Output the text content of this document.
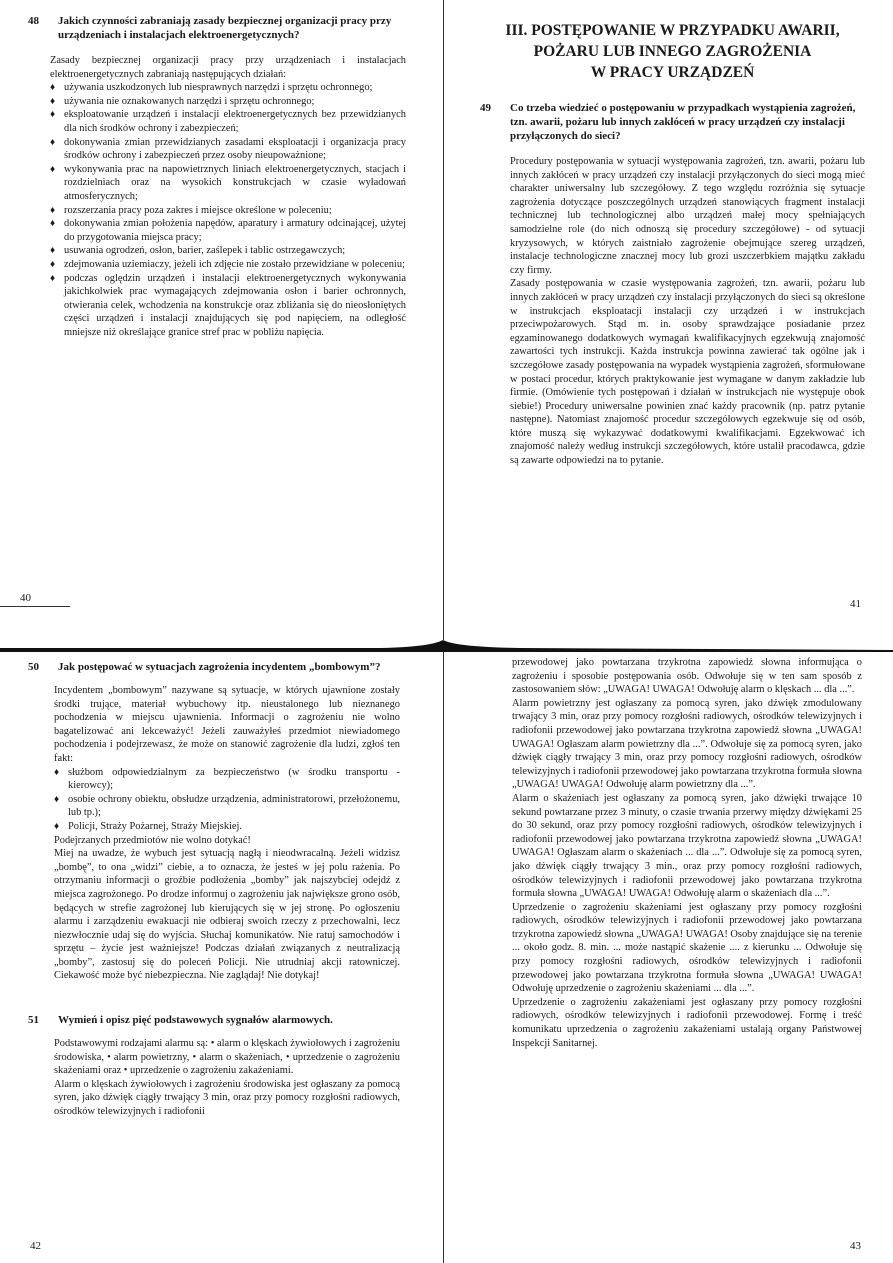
48	Jakich czynności zabraniają zasady bezpiecznej organizacji pracy przy urządzeniach i instalacjach elektroenergetycznych?

Zasady bezpiecznej organizacji pracy przy urządzeniach i instalacjach elektroenergetycznych zabraniają następujących działań:

♦ używania uszkodzonych lub niesprawnych narzędzi i sprzętu ochronnego;
♦ używania nie oznakowanych narzędzi i sprzętu ochronnego;
♦ eksploatowanie urządzeń i instalacji elektroenergetycznych bez przewidzianych dla nich środków ochrony i zabezpieczeń;
♦ dokonywania zmian przewidzianych zasadami eksploatacji i organizacja pracy środków ochrony i zabezpieczeń przez osoby nieupoważnione;
♦ wykonywania prac na napowietrznych liniach elektroenergetycznych, stacjach i rozdzielniach oraz na wysokich konstrukcjach w czasie wyładowań atmosferycznych;
♦ rozszerzania pracy poza zakres i miejsce określone w poleceniu;
♦ dokonywania zmian położenia napędów, aparatury i armatury odcinającej, użytej do przygotowania miejsca pracy;
♦ usuwania ogrodzeń, osłon, barier, zaślepek i tablic ostrzegawczych;
♦ zdejmowania uziemiaczy, jeżeli ich zdjęcie nie zostało przewidziane w poleceniu;
♦ podczas oględzin urządzeń i instalacji elektroenergetycznych wykonywania jakichkolwiek prac wymagających zdejmowania osłon i barier ochronnych, otwierania celek, wchodzenia na konstrukcje oraz zbliżania się do nieosłoniętych części urządzeń i instalacji znajdujących się pod napięciem, na odległość mniejsze niż określające granice stref prac w pobliżu napięcia.
40
III. POSTĘPOWANIE W PRZYPADKU AWARII,
POŻARU LUB INNEGO ZAGROŻENIA
W PRACY URZĄDZEŃ
49	Co trzeba wiedzieć o postępowaniu w przypadkach wystąpienia zagrożeń, tzn. awarii, pożaru lub innych zakłóceń w pracy urządzeń czy instalacji przyłączonych do sieci?

Procedury postępowania w sytuacji występowania zagrożeń, tzn. awarii, pożaru lub innych zakłóceń w pracy urządzeń czy instalacji przyłączonych do sieci mogą mieć charakter uniwersalny lub szczegółowy. Z tego względu rozróżnia się sytuacje zagrożenia dotyczące poszczególnych urządzeń stanowiących fragment instalacji technicznej lub technologicznej albo urządzeń małej mocy spełniających samodzielne role (do nich odnoszą się procedury szczegółowe) - od sytuacji kryzysowych, w których zaistniało zagrożenie obejmujące szereg urządzeń, instalacje technologiczne znacznej mocy lub grozi uszczerbkiem majątku zakładu czy firmy.

Zasady postępowania w czasie występowania zagrożeń, tzn. awarii, pożaru lub innych zakłóceń w pracy urządzeń czy instalacji przyłączonych do sieci są określone w instrukcjach eksploatacji instalacji czy urządzeń i w instrukcjach przeciwpożarowych. Stąd m. in. osoby sprawdzające posiadanie przez egzaminowanego dodatkowych wymagań kwalifikacyjnych egzekwują znajomość zawartości tych instrukcji. Każda instrukcja powinna zawierać tak ogólne jak i szczegółowe zasady postępowania na wypadek wystąpienia zagrożeń, sformułowane w postaci procedur, których praktykowanie jest wymagane w danym zakładzie lub firmie. (Omówienie tych postępowań i działań w instrukcjach nie występuje obok siebie!) Procedury uniwersalne powinien znać każdy pracownik (np. patrz pytanie następne). Natomiast znajomość procedur szczegółowych egzekwuje się od osób, które muszą się wykazywać dodatkowymi kwalifikacjami. Egzekwować ich znajomość należy według instrukcji szczegółowych, które ustalił pracodawca, gdzie są zawarte odpowiedzi na to pytanie.

41
50	Jak postępować w sytuacjach zagrożenia incydentem „bombowym”?

Incydentem „bombowym” nazywane są sytuacje, w których ujawnione zostały środki trujące, materiał wybuchowy itp. nieustalonego lub nieznanego pochodzenia w miejscu ujawnienia. Informacji o zagrożeniu nie wolno bagatelizować ani lekceważyć! Jeżeli zauważyłeś przedmiot niewiadomego pochodzenia i podejrzewasz, że może on stanowić zagrożenie dla ludzi, zgłoś ten fakt:

♦ służbom odpowiedzialnym za bezpieczeństwo (w środku transportu - kierowcy);
♦ osobie ochrony obiektu, obsłudze urządzenia, administratorowi, przełożonemu, lub tp.);
♦ Policji, Straży Pożarnej, Straży Miejskiej.

Podejrzanych przedmiotów nie wolno dotykać!

Miej na uwadze, że wybuch jest sytuacją nagłą i nieodwracalną. Jeżeli widzisz „bombę”, to ona „widzi” ciebie, a to oznacza, że jesteś w jej polu rażenia. Po otrzymaniu informacji o groźbie podłożenia „bomby” jak najszybciej odejdź z miejsca zagrożonego. Po drodze informuj o zagrożeniu jak największe grono osób, będących w strefie zagrożonej lub kierujących się w jej stronę. Po ogłoszeniu alarmu i zarządzeniu ewakuacji nie odbieraj swoich rzeczy z przechowalni, lecz niezwłocznie udaj się do wyjścia. Słuchaj komunikatów. Nie ratuj samochodów i sprzętu – życie jest ważniejsze! Podczas działań związanych z neutralizacją „bomby”, zastosuj się do poleceń Policji. Nie utrudniaj akcji ratowniczej. Ciekawość może być niebezpieczna. Nie zaglądaj! Nie dotykaj!

51	Wymień i opisz pięć podstawowych sygnałów alarmowych.

Podstawowymi rodzajami alarmu są: • alarm o klęskach żywiołowych i zagrożeniu środowiska, • alarm powietrzny, • alarm o skażeniach, • uprzedzenie o zagrożeniu skażeniami oraz • uprzedzenie o zagrożeniu zakażeniami.

Alarm o klęskach żywiołowych i zagrożeniu środowiska jest ogłaszany za pomocą syren, jako dźwięk ciągły trwający 3 min, oraz przy pomocy rozgłośni radiowych, ośrodków telewizyjnych i radiofonii

42

przewodowej jako powtarzana trzykrotna zapowiedź słowna informująca o zagrożeniu i sposobie postępowania osób. Odwołuje się w ten sam sposób z zastosowaniem słów: „UWAGA! UWAGA! Odwołuję alarm o klęskach ... dla ...”.

Alarm powietrzny jest ogłaszany za pomocą syren, jako dźwięk zmodulowany trwający 3 min, oraz przy pomocy rozgłośni radiowych, ośrodków telewizyjnych i radiofonii przewodowej jako powtarzana trzykrotna zapowiedź słowna „UWAGA! UWAGA! Ogłaszam alarm powietrzny dla ...”. Odwołuje się za pomocą syren, jako dźwięk ciągły trwający 3 min, oraz przy pomocy rozgłośni radiowych, ośrodków telewizyjnych i radiofonii przewodowej jako powtarzana trzykrotna formuła słowna „UWAGA! UWAGA! Odwołuję alarm powietrzny dla ...”.

Alarm o skażeniach jest ogłaszany za pomocą syren, jako dźwięki trwające 10 sekund powtarzane przez 3 minuty, o czasie trwania przerwy między dźwiękami 25 do 30 sekund, oraz przy pomocy rozgłośni radiowych, ośrodków telewizyjnych i radiofonii przewodowej jako powtarzana trzykrotna zapowiedź słowna „UWAGA! UWAGA! Ogłaszam alarm o skażeniach ... dla ...”. Odwołuje się za pomocą syren, jako dźwięk ciągły trwający 3 min., oraz przy pomocy rozgłośni radiowych, ośrodków telewizyjnych i radiofonii przewodowej jako powtarzana trzykrotna formuła słowna „UWAGA! UWAGA! Odwołuję alarm o skażeniach dla ...”.

Uprzedzenie o zagrożeniu skażeniami jest ogłaszany przy pomocy rozgłośni radiowych, ośrodków telewizyjnych i radiofonii przewodowej jako powtarzana trzykrotna zapowiedź słowna „UWAGA! UWAGA! Osoby znajdujące się na terenie ... około godz. 8. min. ... może nastąpić skażenie .... z kierunku ... Odwołuje się przy pomocy rozgłośni radiowych, ośrodków telewizyjnych i radiofonii przewodowej jako powtarzana trzykrotna formuła słowna „UWAGA! UWAGA! Odwołuję uprzedzenie o zagrożeniu skażeniami ... dla ...”.

Uprzedzenie o zagrożeniu zakażeniami jest ogłaszany przy pomocy rozgłośni radiowych, ośrodków telewizyjnych i radiofonii przewodowej. Formę i treść komunikatu uprzedzenia o zagrożeniu zakażeniami ustalają organy Państwowej Inspekcji Sanitarnej.

43
